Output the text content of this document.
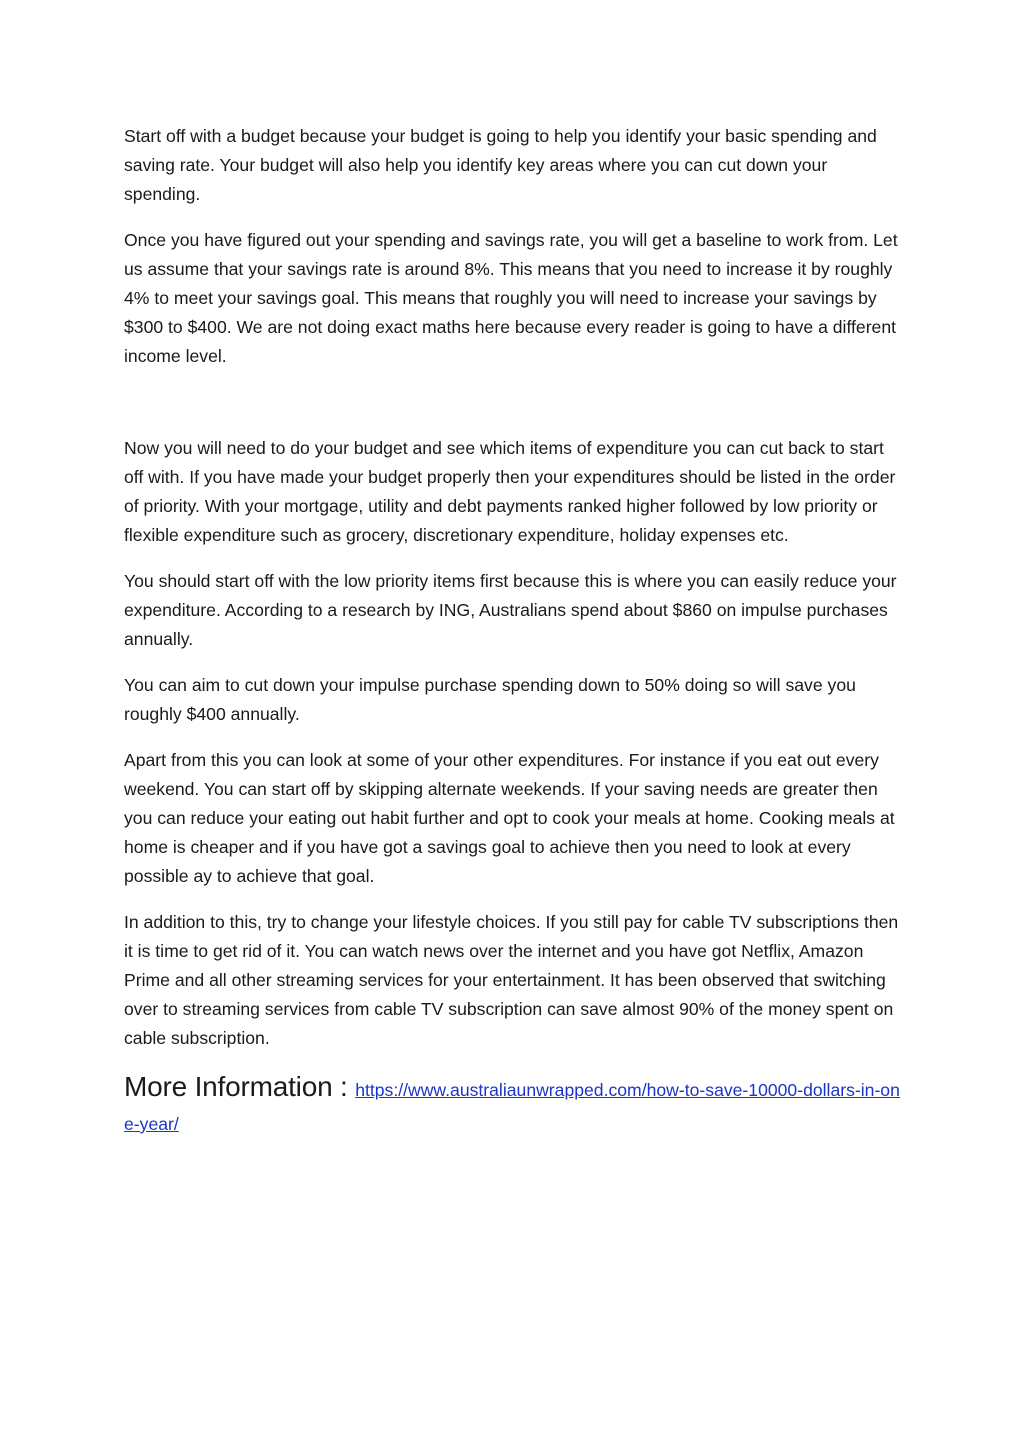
Start off with a budget because your budget is going to help you identify your basic spending and saving rate. Your budget will also help you identify key areas where you can cut down your spending.

Once you have figured out your spending and savings rate, you will get a baseline to work from. Let us assume that your savings rate is around 8%. This means that you need to increase it by roughly 4% to meet your savings goal. This means that roughly you will need to increase your savings by $300 to $400. We are not doing exact maths here because every reader is going to have a different income level.

Now you will need to do your budget and see which items of expenditure you can cut back to start off with. If you have made your budget properly then your expenditures should be listed in the order of priority. With your mortgage, utility and debt payments ranked higher followed by low priority or flexible expenditure such as grocery, discretionary expenditure, holiday expenses etc.

You should start off with the low priority items first because this is where you can easily reduce your expenditure. According to a research by ING, Australians spend about $860 on impulse purchases annually.

You can aim to cut down your impulse purchase spending down to 50% doing so will save you roughly $400 annually.

Apart from this you can look at some of your other expenditures. For instance if you eat out every weekend. You can start off by skipping alternate weekends. If your saving needs are greater then you can reduce your eating out habit further and opt to cook your meals at home. Cooking meals at home is cheaper and if you have got a savings goal to achieve then you need to look at every possible ay to achieve that goal.

In addition to this, try to change your lifestyle choices. If you still pay for cable TV subscriptions then it is time to get rid of it. You can watch news over the internet and you have got Netflix, Amazon Prime and all other streaming services for your entertainment. It has been observed that switching over to streaming services from cable TV subscription can save almost 90% of the money spent on cable subscription.

More Information : https://www.australiaunwrapped.com/how-to-save-10000-dollars-in-one-year/
